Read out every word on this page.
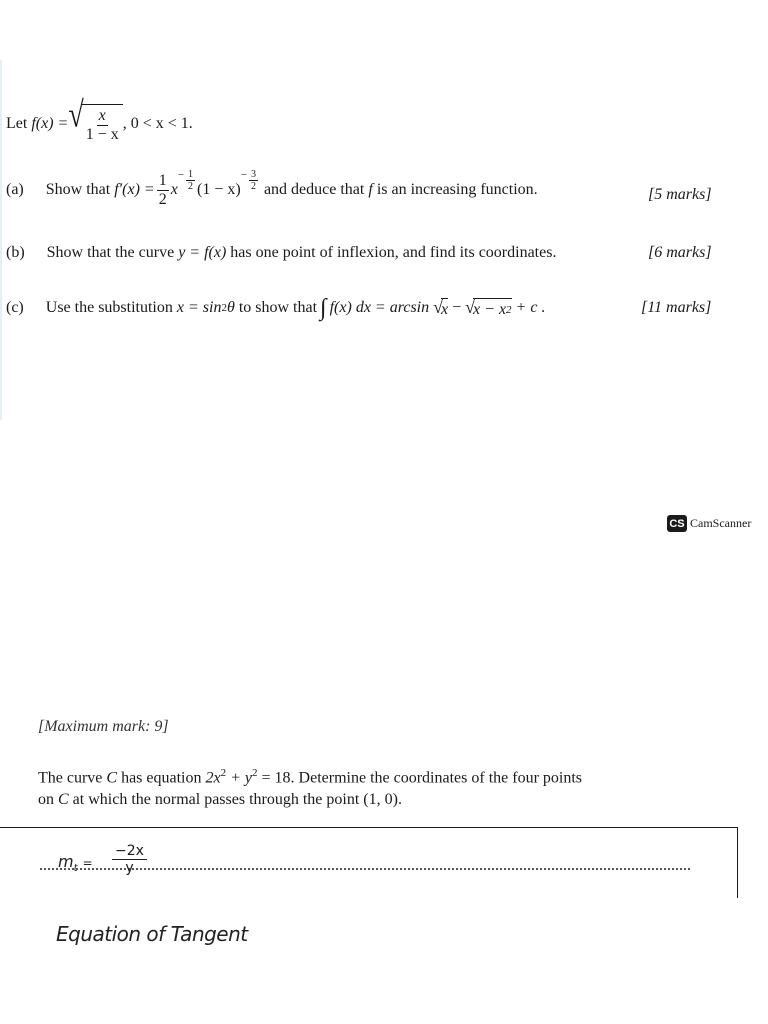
Let
f(x) = √ $\frac{x}{1 - x}$ , 0 < x < 1.
(a) Show that
$f'(x) = \frac{1}{2}$ x
− $\frac{1}{2} (1 - x)$
− $\frac{3}{2}$
and deduce that
f
is an increasing function.	[5 marks]
(b) Show that the curve
y = f(x)
has one point of inflexion, and find its coordinates.	[6 marks]
(c) Use the substitution
x = sin 2 θ
to show that ∫ f(x) dx = arcsin
√
x
−
√
x − x 2
+ c .	[11 marks]
CS CamScanner
[Maximum mark: 9]
The curve C has equation $2x^2 + y^2 = 18$. Determine the coordinates of the four points
on C at which the normal passes through the point (1, 0).
$m_t = \frac{-2x}{y}$
Equation of Tangent
